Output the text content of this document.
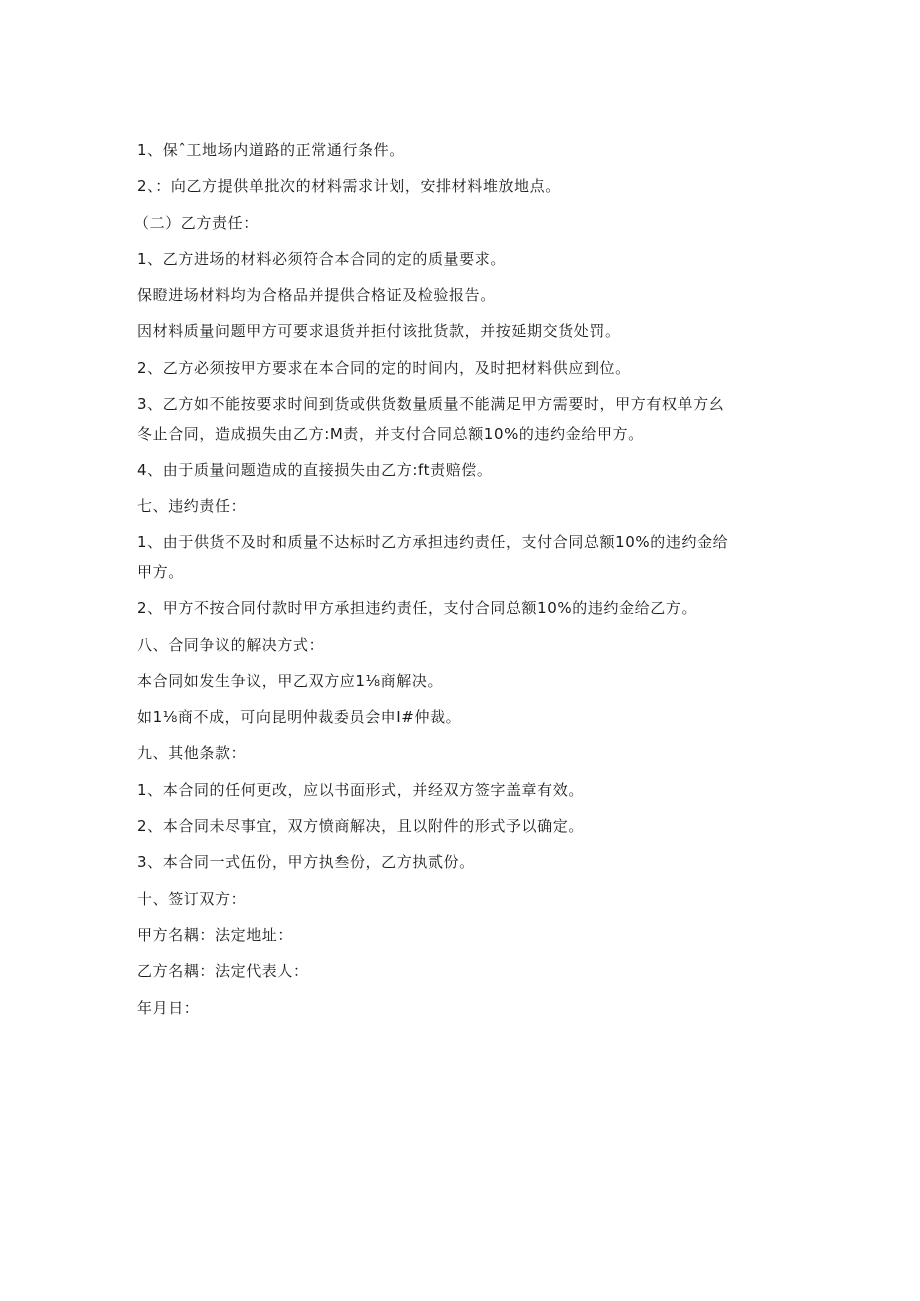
1、保ˆ工地场内道路的正常通行条件。
2、：向乙方提供单批次的材料需求计划，安排材料堆放地点。
（二）乙方责任：
1、乙方进场的材料必须符合本合同的定的质量要求。
保瞪进场材料均为合格品并提供合格证及检验报告。
因材料质量问题甲方可要求退货并拒付该批货款，并按延期交货处罚。
2、乙方必须按甲方要求在本合同的定的时间内，及时把材料供应到位。
3、乙方如不能按要求时间到货或供货数量质量不能满足甲方需要时，甲方有权单方幺
冬止合同，造成损失由乙方:M责，并支付合同总额10%的违约金给甲方。
4、由于质量问题造成的直接损失由乙方:ft责赔偿。
七、违约责任：
1、由于供货不及时和质量不达标时乙方承担违约责任，支付合同总额10%的违约金给
甲方。
2、甲方不按合同付款时甲方承担违约责任，支付合同总额10%的违约金给乙方。
八、合同争议的解决方式：
本合同如发生争议，甲乙双方应1⅛商解决。
如1⅛商不成，可向昆明仲裁委员会申I#仲裁。
九、其他条款：
1、本合同的任何更改，应以书面形式，并经双方签字盖章有效。
2、本合同未尽事宜，双方愤商解决，且以附件的形式予以确定。
3、本合同一式伍份，甲方执叁份，乙方执贰份。
十、签订双方：
甲方名耦：法定地址：
乙方名耦：法定代表人：
年月日：
